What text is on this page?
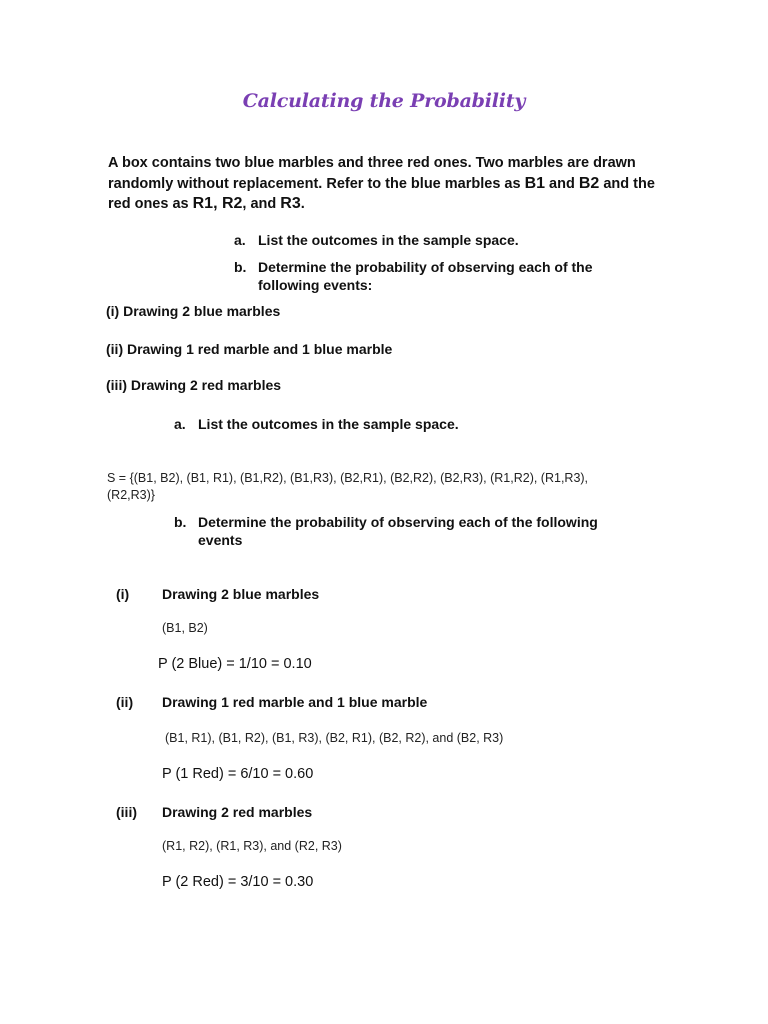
Calculating the Probability
A box contains two blue marbles and three red ones. Two marbles are drawn randomly without replacement. Refer to the blue marbles as B1 and B2 and the red ones as R1, R2, and R3.
a. List the outcomes in the sample space.
b. Determine the probability of observing each of the following events:
(i) Drawing 2 blue marbles
(ii) Drawing 1 red marble and 1 blue marble
(iii) Drawing 2 red marbles
a. List the outcomes in the sample space.
S = {(B1, B2), (B1, R1), (B1,R2), (B1,R3), (B2,R1), (B2,R2), (B2,R3), (R1,R2), (R1,R3), (R2,R3)}
b. Determine the probability of observing each of the following events
(i) Drawing 2 blue marbles
(B1, B2)
P (2 Blue) = 1/10 = 0.10
(ii) Drawing 1 red marble and 1 blue marble
(B1, R1), (B1, R2), (B1, R3), (B2, R1), (B2, R2), and (B2, R3)
P (1 Red) = 6/10 = 0.60
(iii) Drawing 2 red marbles
(R1, R2), (R1, R3), and (R2, R3)
P (2 Red) = 3/10 = 0.30
